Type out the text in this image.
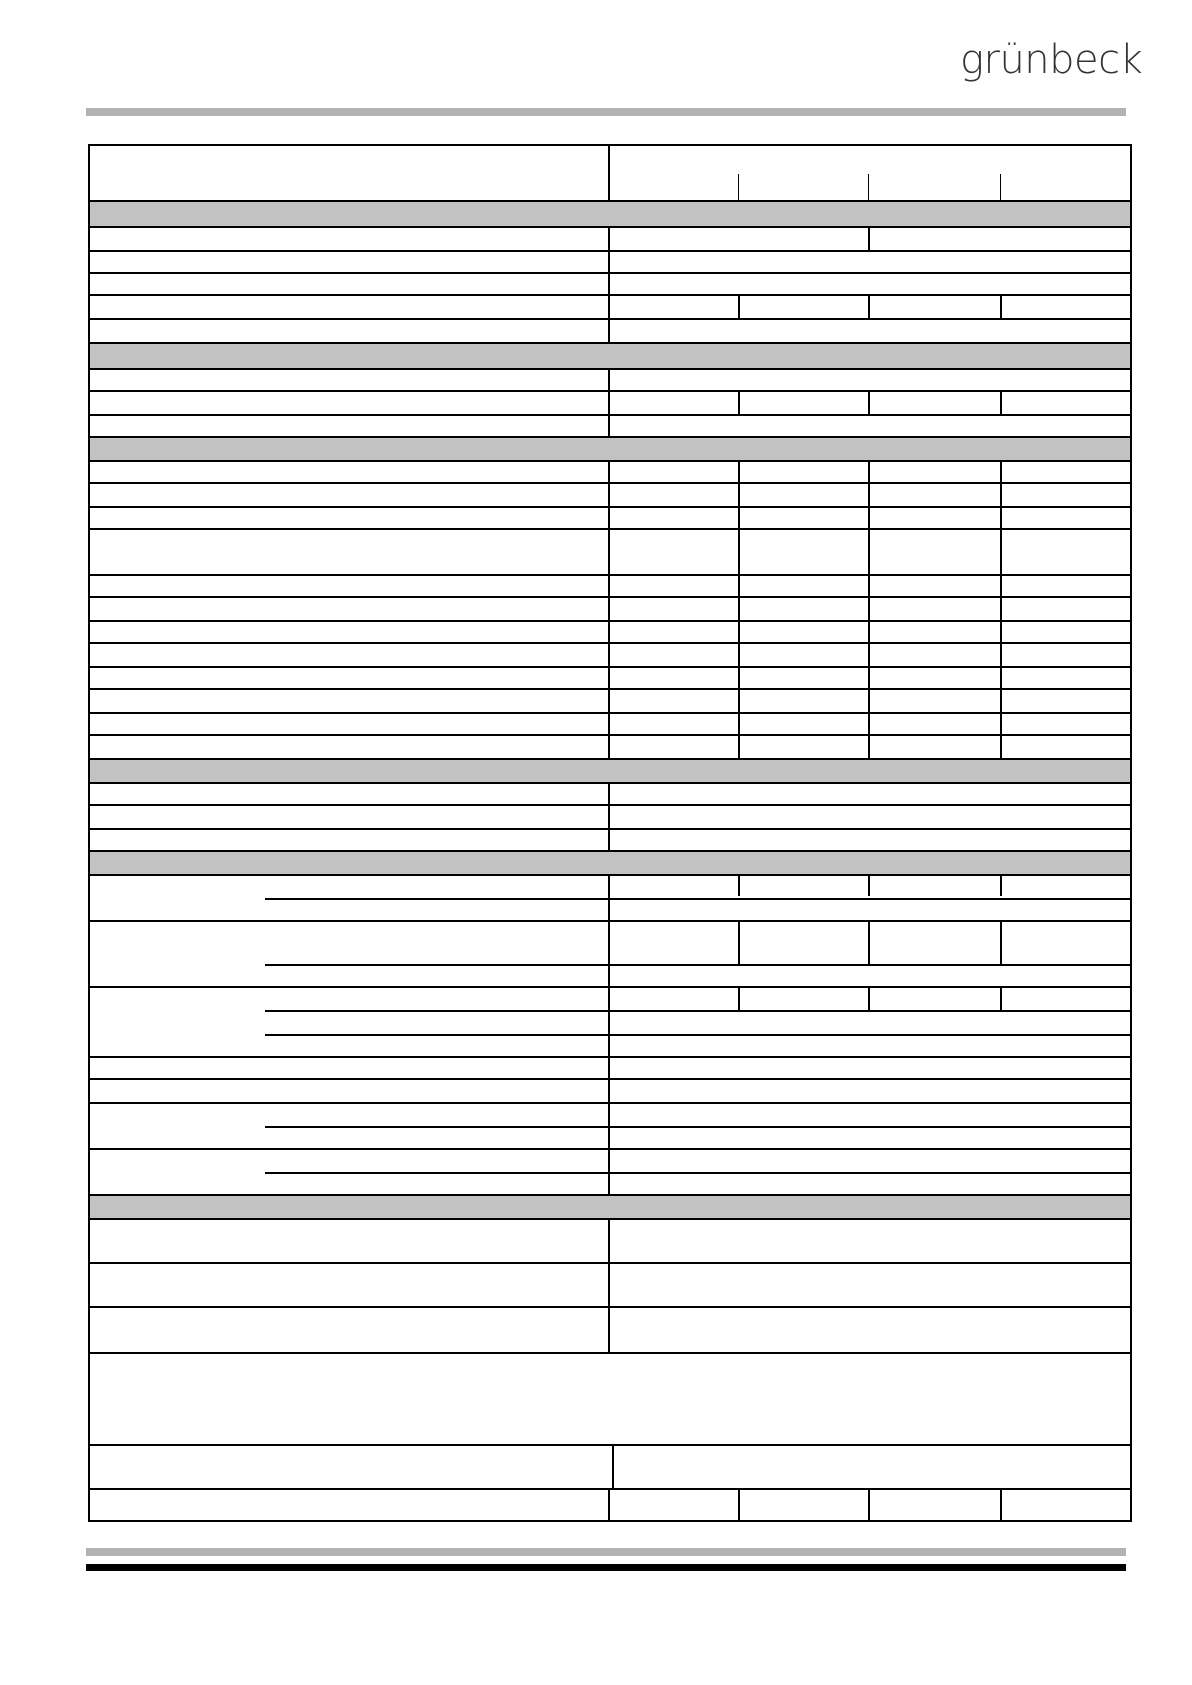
grünbeck
